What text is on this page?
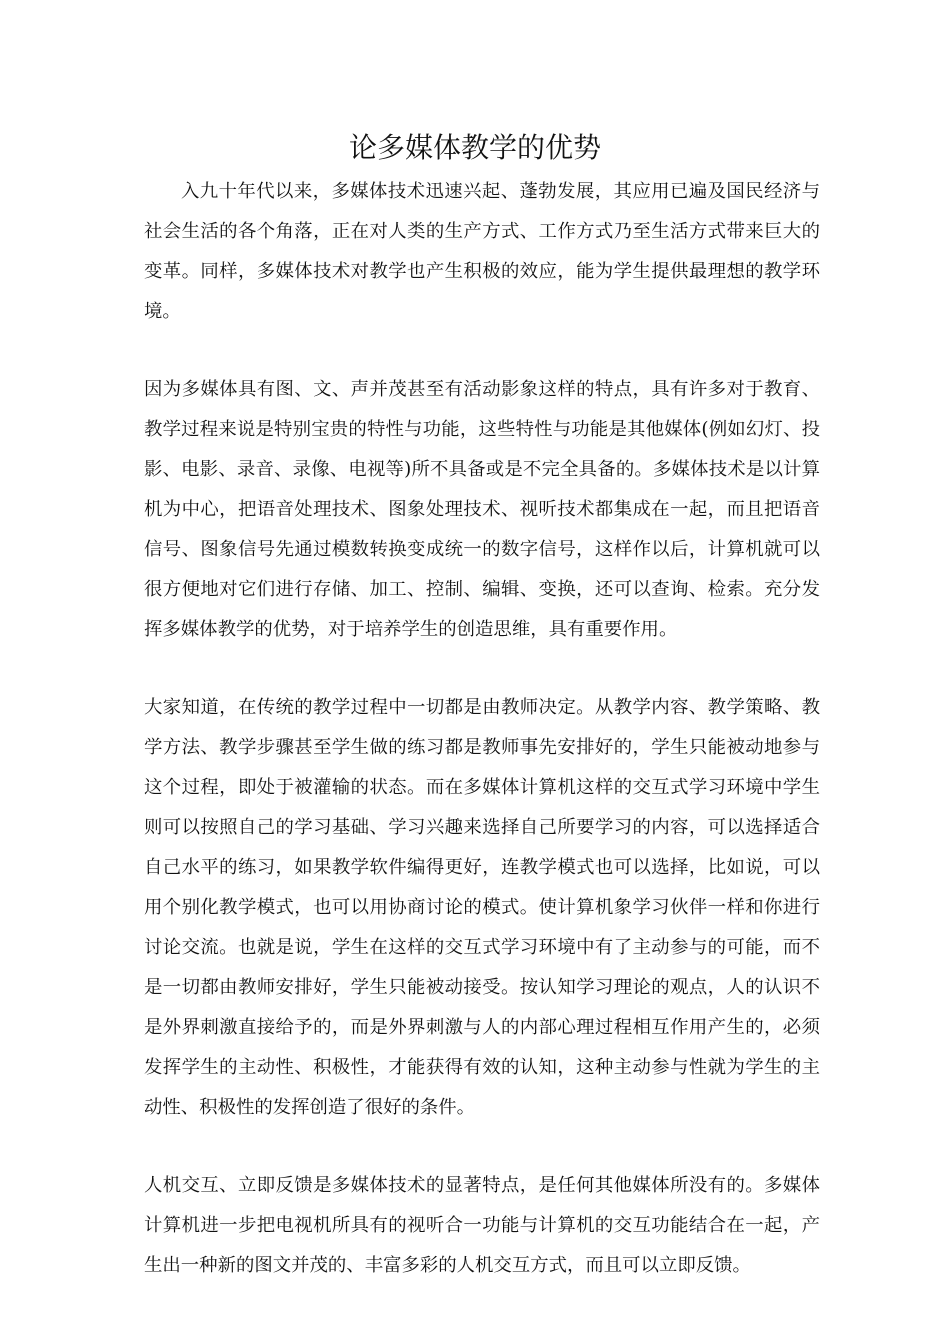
论多媒体教学的优势

入九十年代以来，多媒体技术迅速兴起、蓬勃发展，其应用已遍及国民经济与社会生活的各个角落，正在对人类的生产方式、工作方式乃至生活方式带来巨大的变革。同样，多媒体技术对教学也产生积极的效应，能为学生提供最理想的教学环境。

因为多媒体具有图、文、声并茂甚至有活动影象这样的特点，具有许多对于教育、教学过程来说是特别宝贵的特性与功能，这些特性与功能是其他媒体(例如幻灯、投影、电影、录音、录像、电视等)所不具备或是不完全具备的。多媒体技术是以计算机为中心，把语音处理技术、图象处理技术、视听技术都集成在一起，而且把语音信号、图象信号先通过模数转换变成统一的数字信号，这样作以后，计算机就可以很方便地对它们进行存储、加工、控制、编辑、变换，还可以查询、检索。充分发挥多媒体教学的优势，对于培养学生的创造思维，具有重要作用。

大家知道，在传统的教学过程中一切都是由教师决定。从教学内容、教学策略、教学方法、教学步骤甚至学生做的练习都是教师事先安排好的，学生只能被动地参与这个过程，即处于被灌输的状态。而在多媒体计算机这样的交互式学习环境中学生则可以按照自己的学习基础、学习兴趣来选择自己所要学习的内容，可以选择适合自己水平的练习，如果教学软件编得更好，连教学模式也可以选择，比如说，可以用个别化教学模式，也可以用协商讨论的模式。使计算机象学习伙伴一样和你进行讨论交流。也就是说，学生在这样的交互式学习环境中有了主动参与的可能，而不是一切都由教师安排好，学生只能被动接受。按认知学习理论的观点，人的认识不是外界刺激直接给予的，而是外界刺激与人的内部心理过程相互作用产生的，必须发挥学生的主动性、积极性，才能获得有效的认知，这种主动参与性就为学生的主动性、积极性的发挥创造了很好的条件。

人机交互、立即反馈是多媒体技术的显著特点，是任何其他媒体所没有的。多媒体计算机进一步把电视机所具有的视听合一功能与计算机的交互功能结合在一起，产生出一种新的图文并茂的、丰富多彩的人机交互方式，而且可以立即反馈。
